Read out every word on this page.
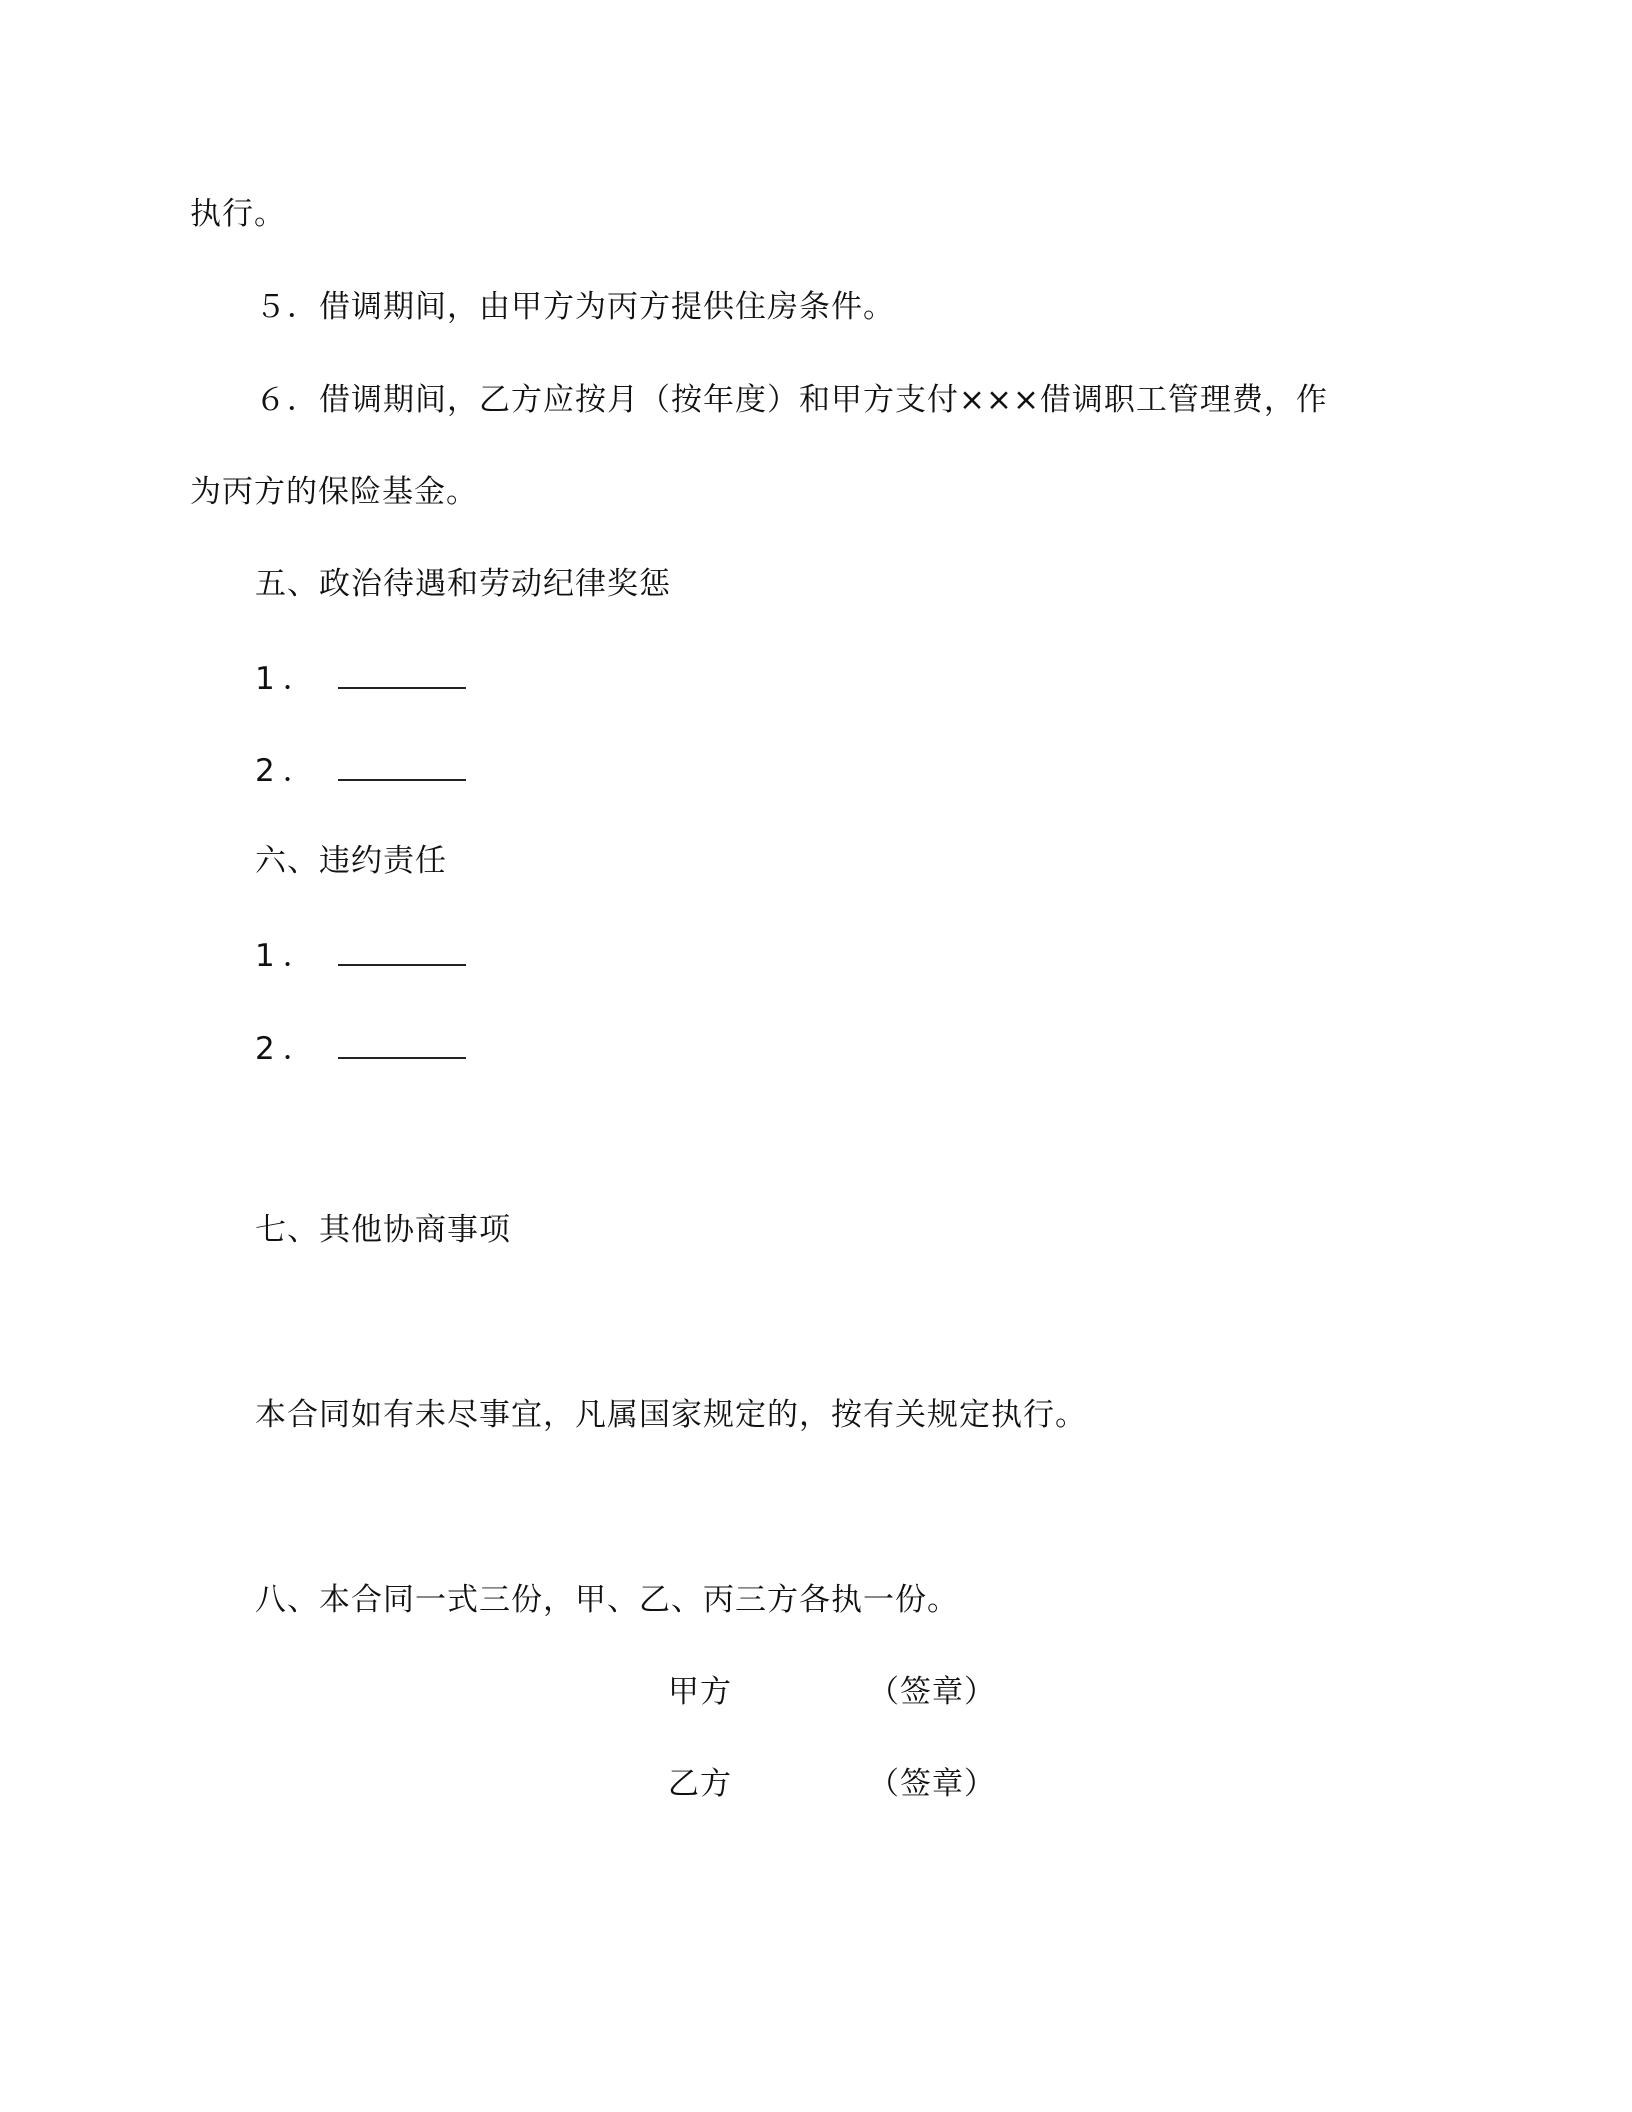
执行。
５．借调期间，由甲方为丙方提供住房条件。
６．借调期间，乙方应按月（按年度）和甲方支付×××借调职工管理费，作
为丙方的保险基金。
五、政治待遇和劳动纪律奖惩
1．
2．
六、违约责任
1．
2．
七、其他协商事项
本合同如有未尽事宜，凡属国家规定的，按有关规定执行。
八、本合同一式三份，甲、乙、丙三方各执一份。
甲方	（签章）
乙方	（签章）
